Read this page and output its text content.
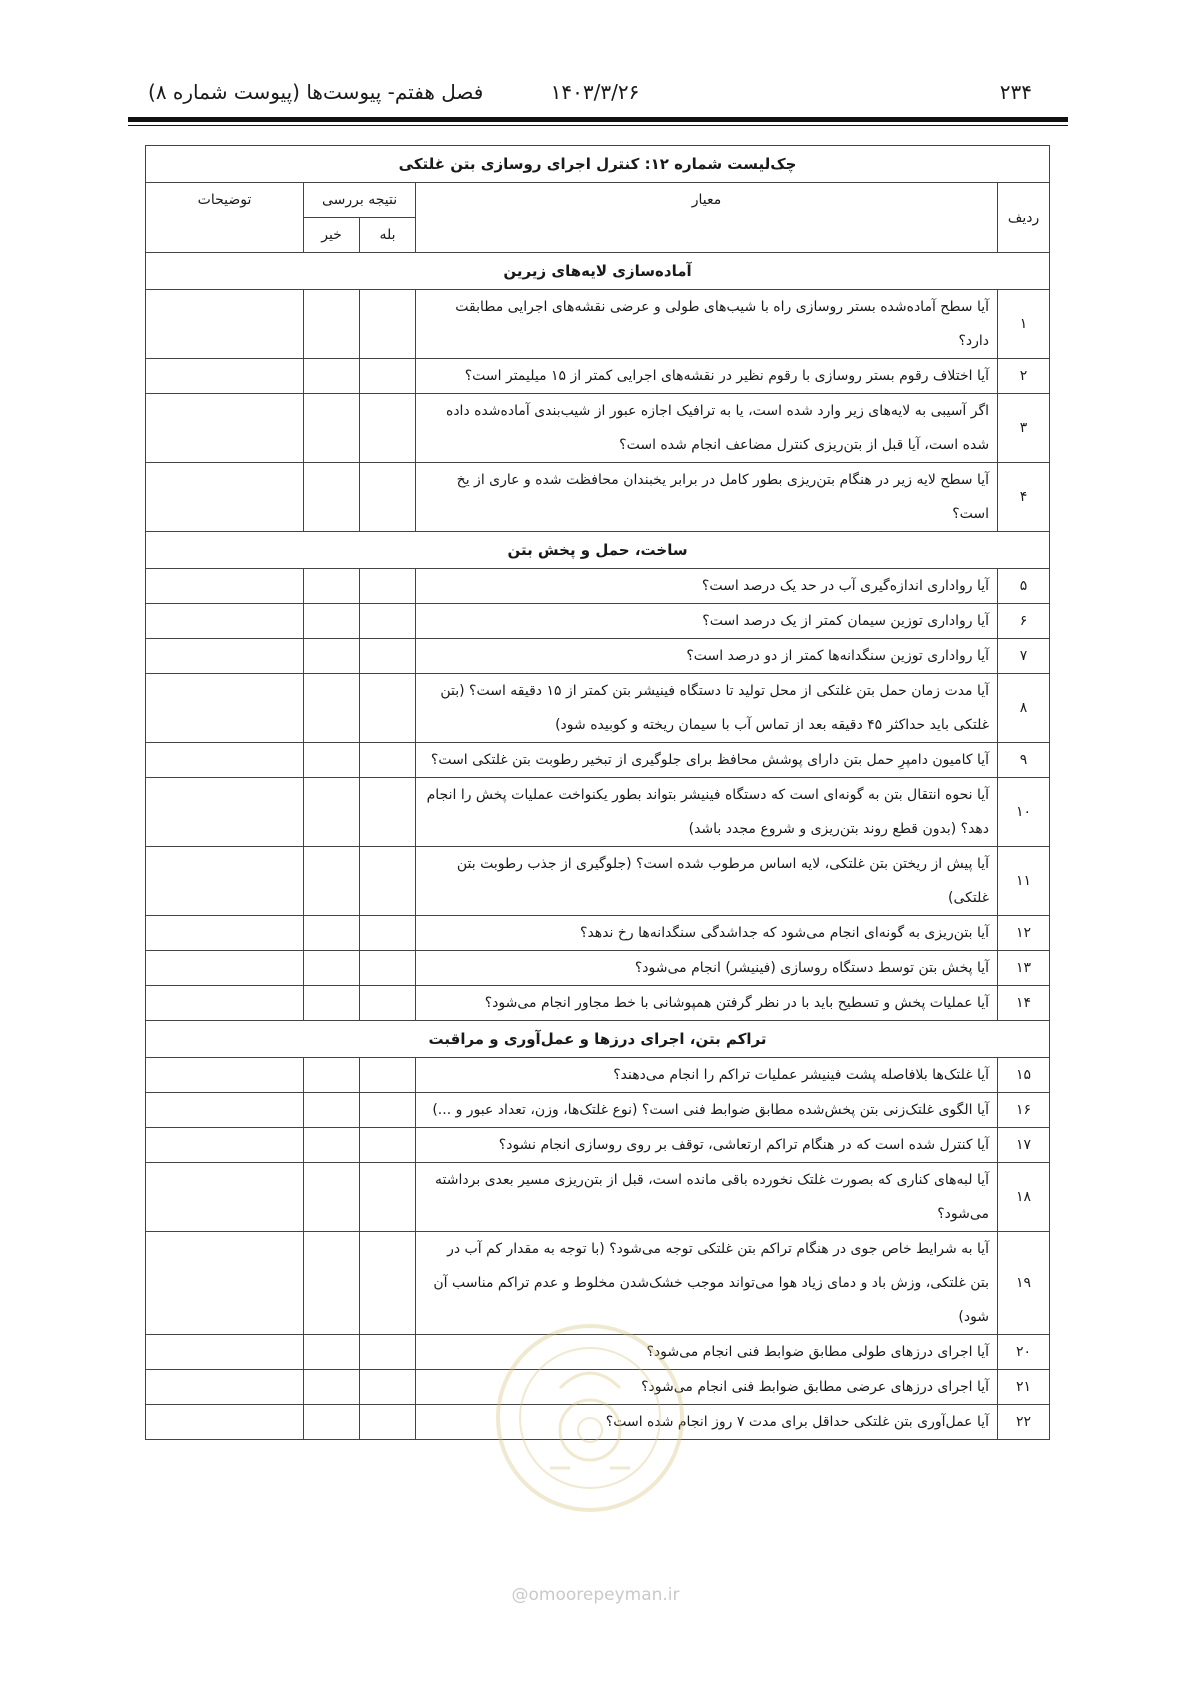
۲۳۴
۱۴۰۳/۳/۲۶
فصل هفتم- پیوست‌ها (پیوست شماره ۸)
چک‌لیست شماره ۱۲: کنترل اجرای روسازی بتن غلتکی				
ردیف	معیار	نتیجه بررسی		توضیحات
		بله	خیر	
آماده‌سازی لایه‌های زیرین				
۱	آیا سطح آماده‌شده بستر روسازی راه با شیب‌های طولی و عرضی نقشه‌های اجرایی مطابقت دارد؟			
۲	آیا اختلاف رقوم بستر روسازی با رقوم نظیر در نقشه‌های اجرایی کمتر از ۱۵ میلیمتر است؟			
۳	اگر آسیبی به لایه‌های زیر وارد شده است، یا به ترافیک اجازه عبور از شیب‌بندی آماده‌شده داده شده است، آیا قبل از بتن‌ریزی کنترل مضاعف انجام شده است؟			
۴	آیا سطح لایه زیر در هنگام بتن‌ریزی بطور کامل در برابر یخبندان محافظت شده و عاری از یخ است؟			
ساخت، حمل و پخش بتن				
۵	آیا رواداری اندازه‌گیری آب در حد یک درصد است؟			
۶	آیا رواداری توزین سیمان کمتر از یک درصد است؟			
۷	آیا رواداری توزین سنگدانه‌ها کمتر از دو درصد است؟			
۸	آیا مدت زمان حمل بتن غلتکی از محل تولید تا دستگاه فینیشر بتن کمتر از ۱۵ دقیقه است؟ (بتن غلتکی باید حداکثر ۴۵ دقیقه بعد از تماس آب با سیمان ریخته و کوبیده شود)			
۹	آیا کامیون دامپرِ حمل بتن دارای پوشش محافظ برای جلوگیری از تبخیر رطوبت بتن غلتکی است؟			
۱۰	آیا نحوه انتقال بتن به گونه‌ای است که دستگاه فینیشر بتواند بطور یکنواخت عملیات پخش را انجام دهد؟ (بدون قطع روند بتن‌ریزی و شروع مجدد باشد)			
۱۱	آیا پیش از ریختن بتن غلتکی، لایه اساس مرطوب شده است؟ (جلوگیری از جذب رطوبت بتن غلتکی)			
۱۲	آیا بتن‌ریزی به گونه‌ای انجام می‌شود که جداشدگی سنگدانه‌ها رخ ندهد؟			
۱۳	آیا پخش بتن توسط دستگاه روسازی (فینیشر) انجام می‌شود؟			
۱۴	آیا عملیات پخش و تسطیح باید با در نظر گرفتن همپوشانی با خط مجاور انجام می‌شود؟			
تراکم بتن، اجرای درزها و عمل‌آوری و مراقبت				
۱۵	آیا غلتک‌ها بلافاصله پشت فینیشر عملیات تراکم را انجام می‌دهند؟			
۱۶	آیا الگوی غلتک‌زنی بتن پخش‌شده مطابق ضوابط فنی است؟ (نوع غلتک‌ها، وزن، تعداد عبور و ...)			
۱۷	آیا کنترل شده است که در هنگام تراکم ارتعاشی، توقف بر روی روسازی انجام نشود؟			
۱۸	آیا لبه‌های کناری که بصورت غلتک نخورده باقی مانده است، قبل از بتن‌ریزی مسیر بعدی برداشته می‌شود؟			
۱۹	آیا به شرایط خاص جوی در هنگام تراکم بتن غلتکی توجه می‌شود؟ (با توجه به مقدار کم آب در بتن غلتکی، وزش باد و دمای زیاد هوا می‌تواند موجب خشک‌شدن مخلوط و عدم تراکم مناسب آن شود)			
۲۰	آیا اجرای درزهای طولی مطابق ضوابط فنی انجام می‌شود؟			
۲۱	آیا اجرای درزهای عرضی مطابق ضوابط فنی انجام می‌شود؟			
۲۲	آیا عمل‌آوری بتن غلتکی حداقل برای مدت ۷ روز انجام شده است؟			
@omoorepeyman.ir
